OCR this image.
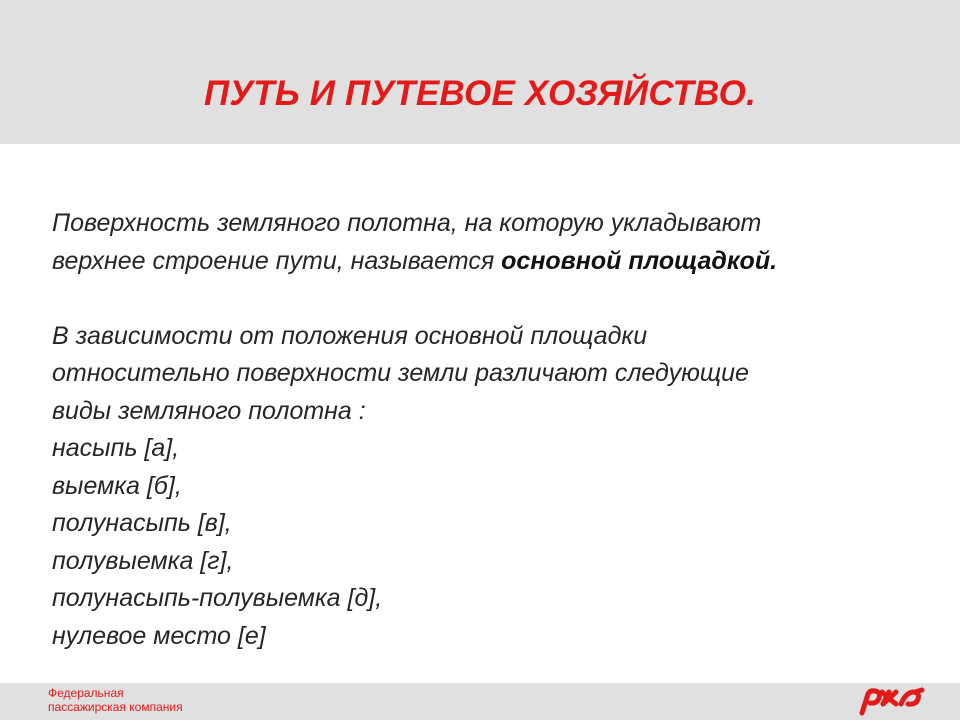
ПУТЬ И ПУТЕВОЕ ХОЗЯЙСТВО.

Поверхность земляного полотна, на которую укладывают
верхнее строение пути, называется основной площадкой.

В зависимости от положения основной площадки
относительно поверхности земли различают следующие
виды земляного полотна :
насыпь [а],
выемка [б],
полунасыпь [в],
полувыемка [г],
полунасыпь-полувыемка [д],
нулевое место [е]

Федеральная
пассажирская компания
